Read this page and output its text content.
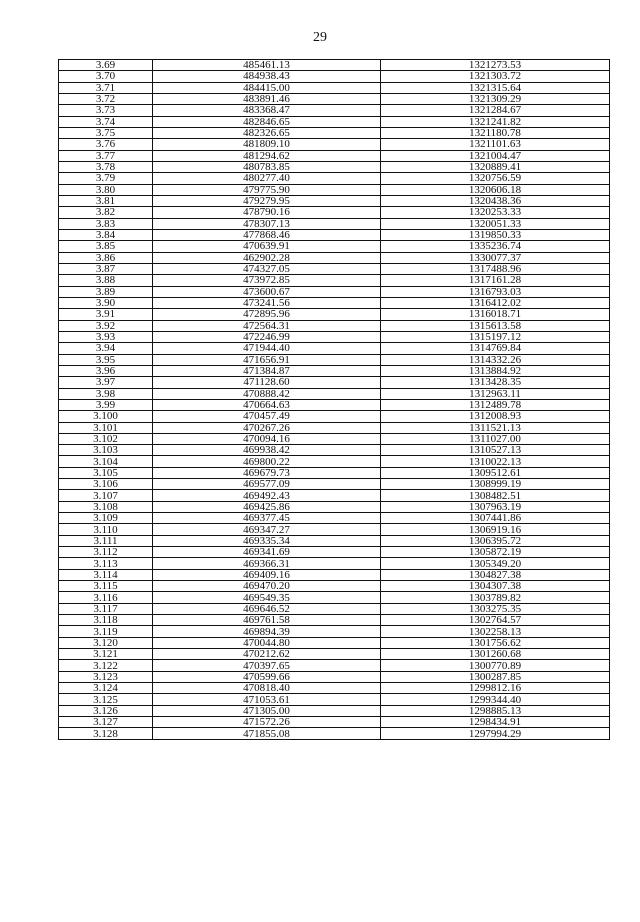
29
3.69	485461.13	1321273.53
3.70	484938.43	1321303.72
3.71	484415.00	1321315.64
3.72	483891.46	1321309.29
3.73	483368.47	1321284.67
3.74	482846.65	1321241.82
3.75	482326.65	1321180.78
3.76	481809.10	1321101.63
3.77	481294.62	1321004.47
3.78	480783.85	1320889.41
3.79	480277.40	1320756.59
3.80	479775.90	1320606.18
3.81	479279.95	1320438.36
3.82	478790.16	1320253.33
3.83	478307.13	1320051.33
3.84	477868.46	1319850.33
3.85	470639.91	1335236.74
3.86	462902.28	1330077.37
3.87	474327.05	1317488.96
3.88	473972.85	1317161.28
3.89	473600.67	1316793.03
3.90	473241.56	1316412.02
3.91	472895.96	1316018.71
3.92	472564.31	1315613.58
3.93	472246.99	1315197.12
3.94	471944.40	1314769.84
3.95	471656.91	1314332.26
3.96	471384.87	1313884.92
3.97	471128.60	1313428.35
3.98	470888.42	1312963.11
3.99	470664.63	1312489.78
3.100	470457.49	1312008.93
3.101	470267.26	1311521.13
3.102	470094.16	1311027.00
3.103	469938.42	1310527.13
3.104	469800.22	1310022.13
3.105	469679.73	1309512.61
3.106	469577.09	1308999.19
3.107	469492.43	1308482.51
3.108	469425.86	1307963.19
3.109	469377.45	1307441.86
3.110	469347.27	1306919.16
3.111	469335.34	1306395.72
3.112	469341.69	1305872.19
3.113	469366.31	1305349.20
3.114	469409.16	1304827.38
3.115	469470.20	1304307.38
3.116	469549.35	1303789.82
3.117	469646.52	1303275.35
3.118	469761.58	1302764.57
3.119	469894.39	1302258.13
3.120	470044.80	1301756.62
3.121	470212.62	1301260.68
3.122	470397.65	1300770.89
3.123	470599.66	1300287.85
3.124	470818.40	1299812.16
3.125	471053.61	1299344.40
3.126	471305.00	1298885.13
3.127	471572.26	1298434.91
3.128	471855.08	1297994.29
